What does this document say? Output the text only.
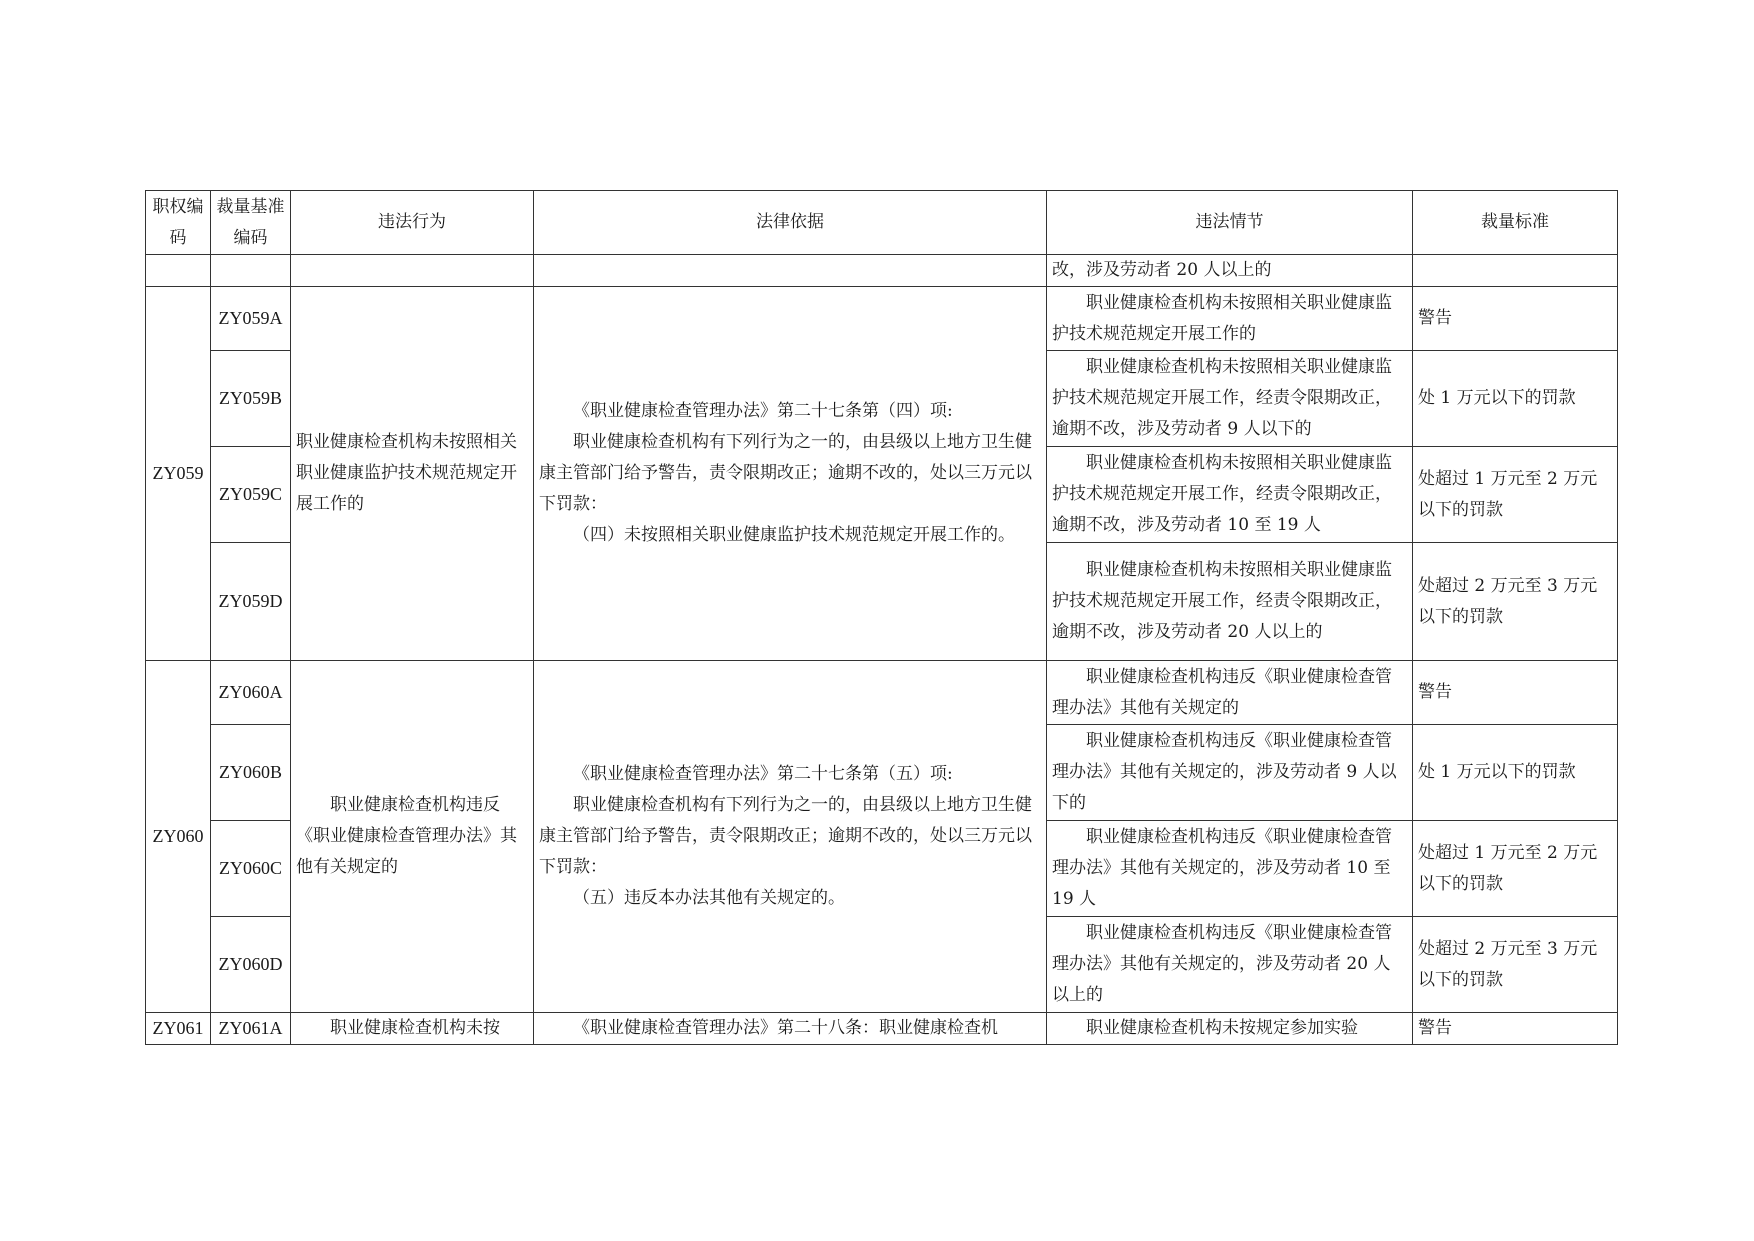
职权编码	裁量基准编码	违法行为	法律依据	违法情节	裁量标准
				改，涉及劳动者 20 人以上的	
ZY059	ZY059A	职业健康检查机构未按照相关职业健康监护技术规范规定开展工作的	《职业健康检查管理办法》第二十七条第（四）项:

职业健康检查机构有下列行为之一的，由县级以上地方卫生健康主管部门给予警告，责令限期改正；逾期不改的，处以三万元以下罚款：

（四）未按照相关职业健康监护技术规范规定开展工作的。	职业健康检查机构未按照相关职业健康监护技术规范规定开展工作的	警告
	ZY059B			职业健康检查机构未按照相关职业健康监护技术规范规定开展工作，经责令限期改正，逾期不改，涉及劳动者 9 人以下的	处 1 万元以下的罚款
	ZY059C			职业健康检查机构未按照相关职业健康监护技术规范规定开展工作，经责令限期改正，逾期不改，涉及劳动者 10 至 19 人	处超过 1 万元至 2 万元以下的罚款
	ZY059D			职业健康检查机构未按照相关职业健康监护技术规范规定开展工作，经责令限期改正，逾期不改，涉及劳动者 20 人以上的	处超过 2 万元至 3 万元以下的罚款
ZY060	ZY060A	职业健康检查机构违反《职业健康检查管理办法》其他有关规定的	《职业健康检查管理办法》第二十七条第（五）项:

职业健康检查机构有下列行为之一的，由县级以上地方卫生健康主管部门给予警告，责令限期改正；逾期不改的，处以三万元以下罚款：

（五）违反本办法其他有关规定的。	职业健康检查机构违反《职业健康检查管理办法》其他有关规定的	警告
	ZY060B			职业健康检查机构违反《职业健康检查管理办法》其他有关规定的，涉及劳动者 9 人以下的	处 1 万元以下的罚款
	ZY060C			职业健康检查机构违反《职业健康检查管理办法》其他有关规定的，涉及劳动者 10 至 19 人	处超过 1 万元至 2 万元以下的罚款
	ZY060D			职业健康检查机构违反《职业健康检查管理办法》其他有关规定的，涉及劳动者 20 人以上的	处超过 2 万元至 3 万元以下的罚款
ZY061	ZY061A	职业健康检查机构未按	《职业健康检查管理办法》第二十八条：职业健康检查机	职业健康检查机构未按规定参加实验	警告
